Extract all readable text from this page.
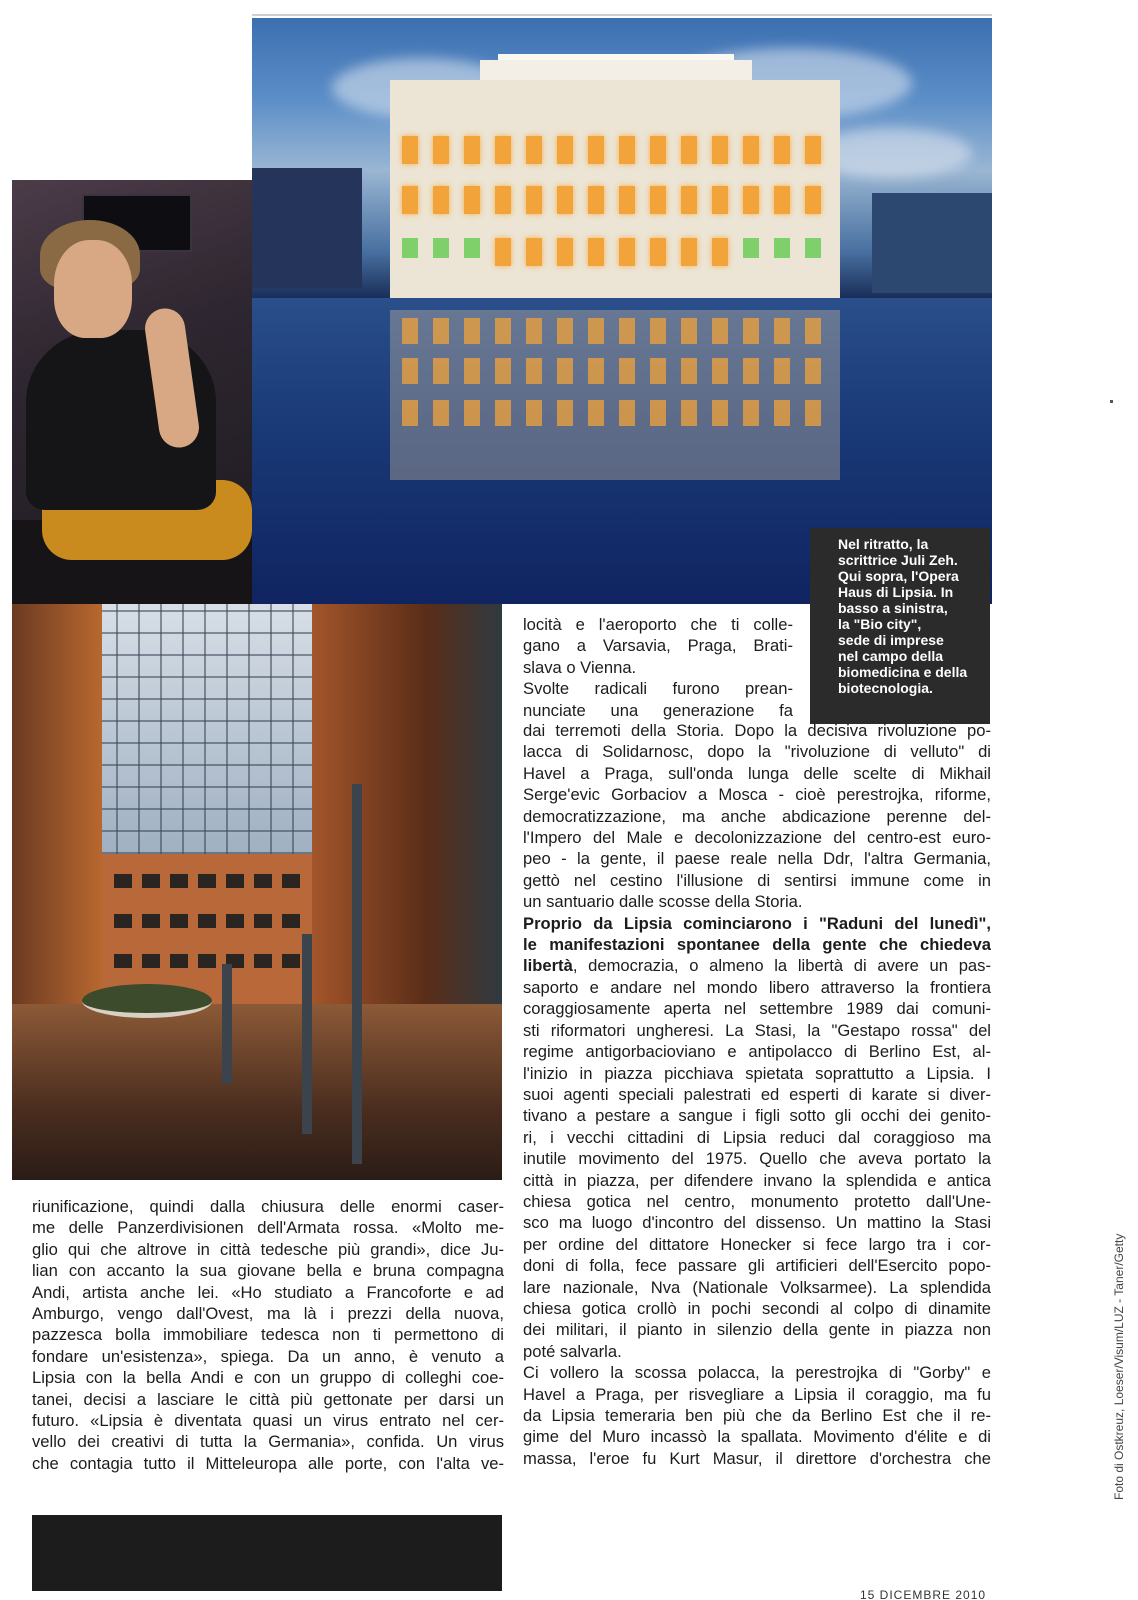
Nel ritratto, la
scrittrice Juli Zeh.
Qui sopra, l'Opera
Haus di Lipsia. In
basso a sinistra,
la "Bio city",
sede di imprese
nel campo della
biomedicina e della
biotecnologia.
locità e l'aeroporto che ti colle-
gano a Varsavia, Praga, Brati-
slava o Vienna.
Svolte radicali furono prean-
nunciate una generazione fa
dai terremoti della Storia. Dopo la decisiva rivoluzione po-
lacca di Solidarnosc, dopo la "rivoluzione di velluto" di
Havel a Praga, sull'onda lunga delle scelte di Mikhail
Serge'evic Gorbaciov a Mosca - cioè perestrojka, riforme,
democratizzazione, ma anche abdicazione perenne del-
l'Impero del Male e decolonizzazione del centro-est euro-
peo - la gente, il paese reale nella Ddr, l'altra Germania,
gettò nel cestino l'illusione di sentirsi immune come in
un santuario dalle scosse della Storia.
Proprio da Lipsia cominciarono i "Raduni del lunedì",
le manifestazioni spontanee della gente che chiedeva
libertà, democrazia, o almeno la libertà di avere un pas-
saporto e andare nel mondo libero attraverso la frontiera
coraggiosamente aperta nel settembre 1989 dai comuni-
sti riformatori ungheresi. La Stasi, la "Gestapo rossa" del
regime antigorbacioviano e antipolacco di Berlino Est, al-
l'inizio in piazza picchiava spietata soprattutto a Lipsia. I
suoi agenti speciali palestrati ed esperti di karate si diver-
tivano a pestare a sangue i figli sotto gli occhi dei genito-
ri, i vecchi cittadini di Lipsia reduci dal coraggioso ma
inutile movimento del 1975. Quello che aveva portato la
città in piazza, per difendere invano la splendida e antica
chiesa gotica nel centro, monumento protetto dall'Une-
sco ma luogo d'incontro del dissenso. Un mattino la Stasi
per ordine del dittatore Honecker si fece largo tra i cor-
doni di folla, fece passare gli artificieri dell'Esercito popo-
lare nazionale, Nva (Nationale Volksarmee). La splendida
chiesa gotica crollò in pochi secondi al colpo di dinamite
dei militari, il pianto in silenzio della gente in piazza non
poté salvarla.
Ci vollero la scossa polacca, la perestrojka di "Gorby" e
Havel a Praga, per risvegliare a Lipsia il coraggio, ma fu
da Lipsia temeraria ben più che da Berlino Est che il re-
gime del Muro incassò la spallata. Movimento d'élite e di
massa, l'eroe fu Kurt Masur, il direttore d'orchestra che
riunificazione, quindi dalla chiusura delle enormi caser-
me delle Panzerdivisionen dell'Armata rossa. «Molto me-
glio qui che altrove in città tedesche più grandi», dice Ju-
lian con accanto la sua giovane bella e bruna compagna
Andi, artista anche lei. «Ho studiato a Francoforte e ad
Amburgo, vengo dall'Ovest, ma là i prezzi della nuova,
pazzesca bolla immobiliare tedesca non ti permettono di
fondare un'esistenza», spiega. Da un anno, è venuto a
Lipsia con la bella Andi e con un gruppo di colleghi coe-
tanei, decisi a lasciare le città più gettonate per darsi un
futuro. «Lipsia è diventata quasi un virus entrato nel cer-
vello dei creativi di tutta la Germania», confida. Un virus
che contagia tutto il Mitteleuropa alle porte, con l'alta ve-
15 DICEMBRE 2010
Foto di Ostkreuz, Loeser/Visum/LUZ - Taner/Getty
